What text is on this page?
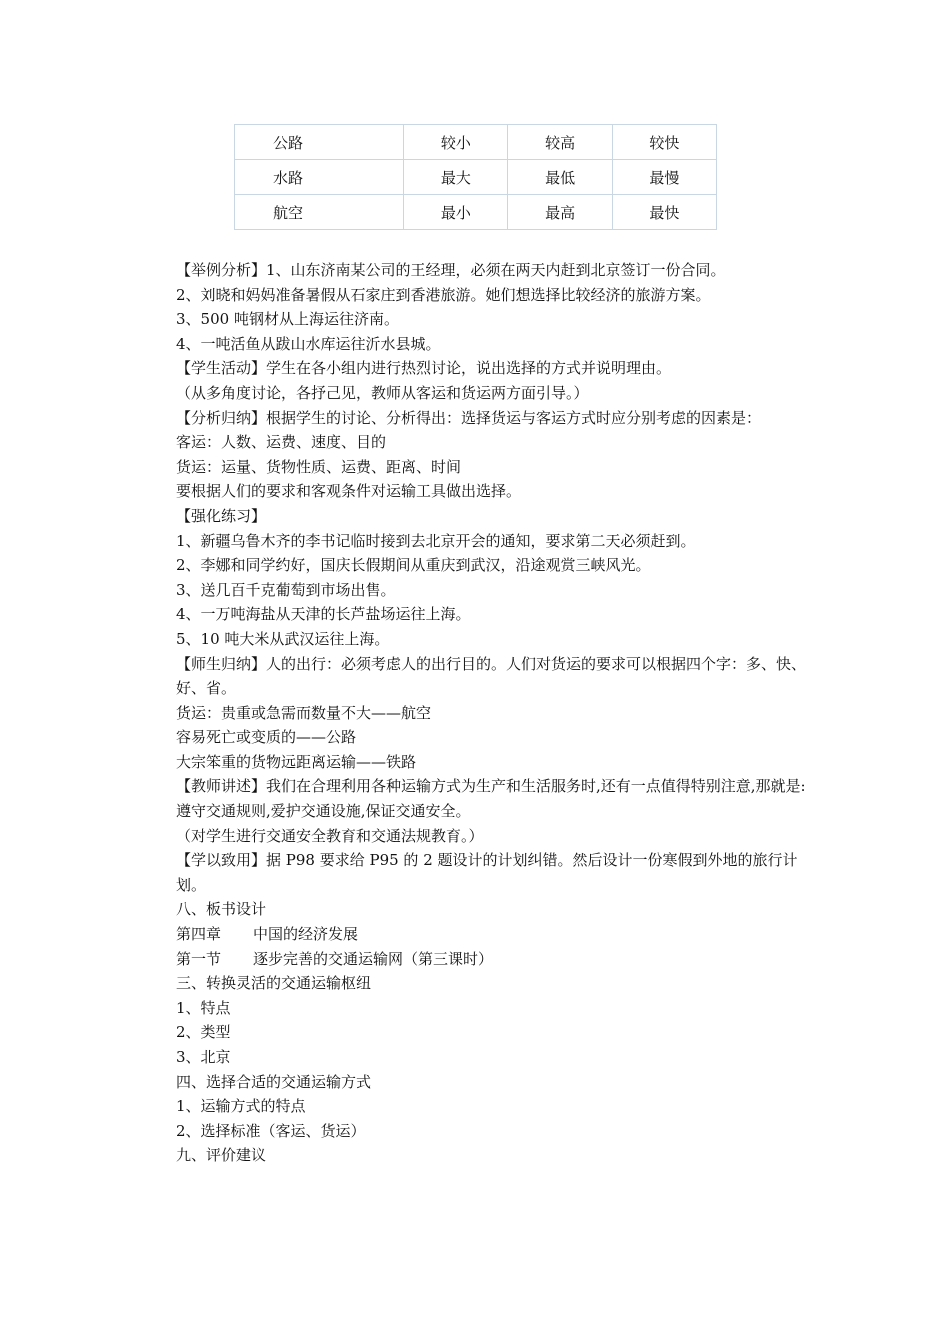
公路	较小	较高	较快
水路	最大	最低	最慢
航空	最小	最高	最快

【举例分析】1、山东济南某公司的王经理，必须在两天内赶到北京签订一份合同。

2、刘晓和妈妈准备暑假从石家庄到香港旅游。她们想选择比较经济的旅游方案。

3、500 吨钢材从上海运往济南。

4、一吨活鱼从跋山水库运往沂水县城。

【学生活动】学生在各小组内进行热烈讨论，说出选择的方式并说明理由。

（从多角度讨论，各抒己见，教师从客运和货运两方面引导。）

【分析归纳】根据学生的讨论、分析得出：选择货运与客运方式时应分别考虑的因素是：

客运：人数、运费、速度、目的

货运：运量、货物性质、运费、距离、时间

要根据人们的要求和客观条件对运输工具做出选择。

【强化练习】

1、新疆乌鲁木齐的李书记临时接到去北京开会的通知，要求第二天必须赶到。

2、李娜和同学约好，国庆长假期间从重庆到武汉，沿途观赏三峡风光。

3、送几百千克葡萄到市场出售。

4、一万吨海盐从天津的长芦盐场运往上海。

5、10 吨大米从武汉运往上海。

【师生归纳】人的出行：必须考虑人的出行目的。人们对货运的要求可以根据四个字：多、快、好、省。

货运：贵重或急需而数量不大——航空

容易死亡或变质的——公路

大宗笨重的货物远距离运输——铁路

【教师讲述】我们在合理利用各种运输方式为生产和生活服务时,还有一点值得特别注意,那就是:遵守交通规则,爱护交通设施,保证交通安全。

（对学生进行交通安全教育和交通法规教育。）

【学以致用】据 P98 要求给 P95 的 2 题设计的计划纠错。然后设计一份寒假到外地的旅行计划。

八、板书设计

第四章 中国的经济发展

第一节 逐步完善的交通运输网（第三课时）

三、转换灵活的交通运输枢纽

1、特点

2、类型

3、北京

四、选择合适的交通运输方式

1、运输方式的特点

2、选择标准（客运、货运）

九、评价建议
